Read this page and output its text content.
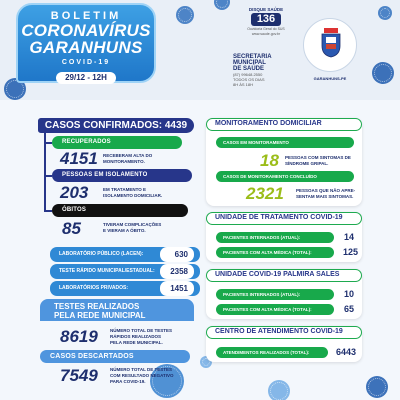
BOLETIM
CORONAVÍRUS
GARANHUNS
COVID-19
29/12 - 12H
DISQUE SAÚDE
136
Ouvidoria Geral do SUS
www.saude.gov.br
SECRETARIA MUNICIPAL
DE SAÚDE
(87) 99648.2550
TODOS OS DIAS
8H ÀS 18H
GARANHUNS-PE
CASOS CONFIRMADOS: 4439
RECUPERADOS
4151 RECEBERAM ALTA DO
MONITORAMENTO.
PESSOAS EM ISOLAMENTO
203	EM TRATAMENTO E
ISOLAMENTO DOMICILIAR.
ÓBITOS
85	TIVERAM COMPLICAÇÕES
E VIERAM A ÓBITO.
LABORATÓRIO PÚBLICO (LACEN):	630
TESTE RÁPIDO MUNICIPAL/ESTADUAL:	2358
LABORATÓRIOS PRIVADOS:	1451
TESTES REALIZADOS
PELA REDE MUNICIPAL
8619	NÚMERO TOTAL DE TESTES
RÁPIDOS REALIZADOS
PELA REDE MUNICIPAL.
CASOS DESCARTADOS
7549	NÚMERO TOTAL DE TESTES
COM RESULTADO NEGATIVO
PARA COVID-19.
MONITORAMENTO DOMICILIAR
CASOS EM MONITORAMENTO
18 PESSOAS COM SINTOMAS DE
SÍNDROME GRIPAL.
CASOS DE MONITORAMENTO CONCLUÍDO
2321	PESSOAS QUE NÃO APRE-
SENTAM MAIS SINTOMAS.
UNIDADE DE TRATAMENTO COVID-19
PACIENTES INTERNADOS (ATUAL):	14
PACIENTES COM ALTA MÉDICA (TOTAL):	125
UNIDADE COVID-19 PALMIRA SALES
PACIENTES INTERNADOS (ATUAL):	10
PACIENTES COM ALTA MÉDICA (TOTAL):	65
CENTRO DE ATENDIMENTO COVID-19
ATENDIMENTOS REALIZADOS (TOTAL):	6443
